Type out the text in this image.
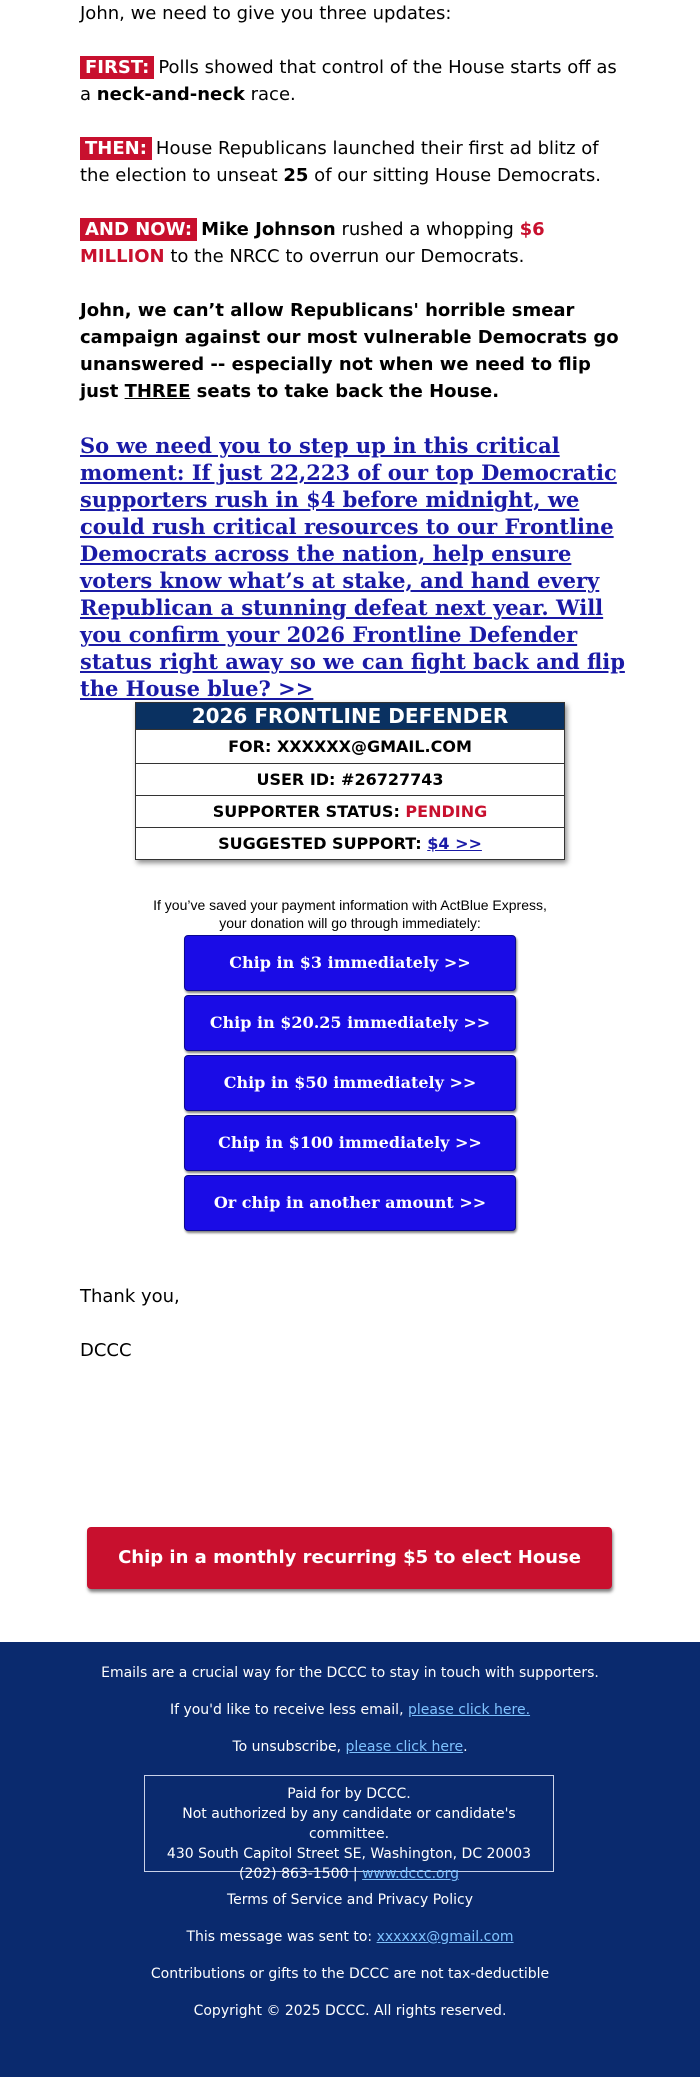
John, we need to give you three updates:
FIRST: Polls showed that control of the House starts off as a neck-and-neck race.
THEN: House Republicans launched their first ad blitz of the election to unseat 25 of our sitting House Democrats.
AND NOW: Mike Johnson rushed a whopping $6 MILLION to the NRCC to overrun our Democrats.
John, we can’t allow Republicans' horrible smear campaign against our most vulnerable Democrats go unanswered -- especially not when we need to flip just THREE seats to take back the House.
So we need you to step up in this critical moment: If just 22,223 of our top Democratic supporters rush in $4 before midnight, we could rush critical resources to our Frontline Democrats across the nation, help ensure voters know what’s at stake, and hand every Republican a stunning defeat next year. Will you confirm your 2026 Frontline Defender status right away so we can fight back and flip the House blue? >>
2026 FRONTLINE DEFENDER
FOR: XXXXXX@GMAIL.COM
USER ID: #26727743
SUPPORTER STATUS: PENDING
SUGGESTED SUPPORT: $4 >>
If you’ve saved your payment information with ActBlue Express,
your donation will go through immediately:
Chip in $3 immediately >>
Chip in $20.25 immediately >>
Chip in $50 immediately >>
Chip in $100 immediately >>
Or chip in another amount >>
Thank you,
DCCC
Chip in a monthly recurring $5 to elect House Dems >>
Emails are a crucial way for the DCCC to stay in touch with supporters.
If you'd like to receive less email, please click here.
To unsubscribe, please click here.
Paid for by DCCC.
Not authorized by any candidate or candidate's committee.
430 South Capitol Street SE, Washington, DC 20003
(202) 863-1500 | www.dccc.org
Terms of Service and Privacy Policy
This message was sent to: xxxxxx@gmail.com
Contributions or gifts to the DCCC are not tax-deductible
Copyright © 2025 DCCC. All rights reserved.
